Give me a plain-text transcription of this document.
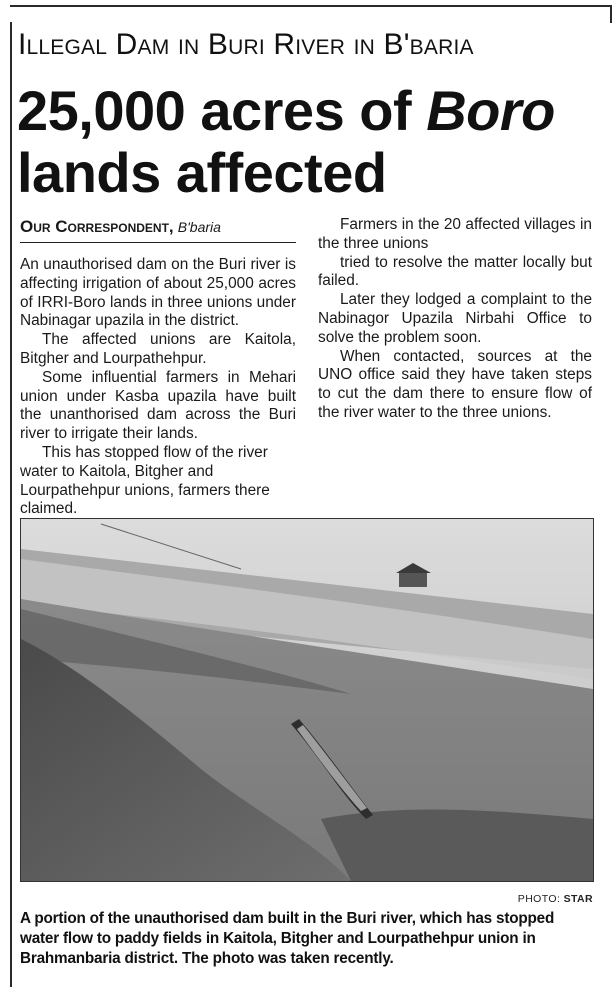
Illegal Dam in Buri River in B'baria
25,000 acres of Boro
lands affected
Our Correspondent, B'baria

An unauthorised dam on the Buri river is affecting irrigation of about 25,000 acres of IRRI-Boro lands in three unions under Nabinagar upazila in the district.

The affected unions are Kaitola, Bitgher and Lourpathehpur.

Some influential farmers in Mehari union under Kasba upazila have built the unanthorised dam across the Buri river to irrigate their lands.

This has stopped flow of the river water to Kaitola, Bitgher and Lourpathehpur unions, farmers there claimed.

Farmers in the 20 affected villages in the three unions

tried to resolve the matter locally but failed.

Later they lodged a complaint to the Nabinagor Upazila Nirbahi Office to solve the problem soon.

When contacted, sources at the UNO office said they have taken steps to cut the dam there to ensure flow of the river water to the three unions.

PHOTO: STAR
A portion of the unauthorised dam built in the Buri river, which has stopped
water flow to paddy fields in Kaitola, Bitgher and Lourpathehpur union in
Brahmanbaria district. The photo was taken recently.
